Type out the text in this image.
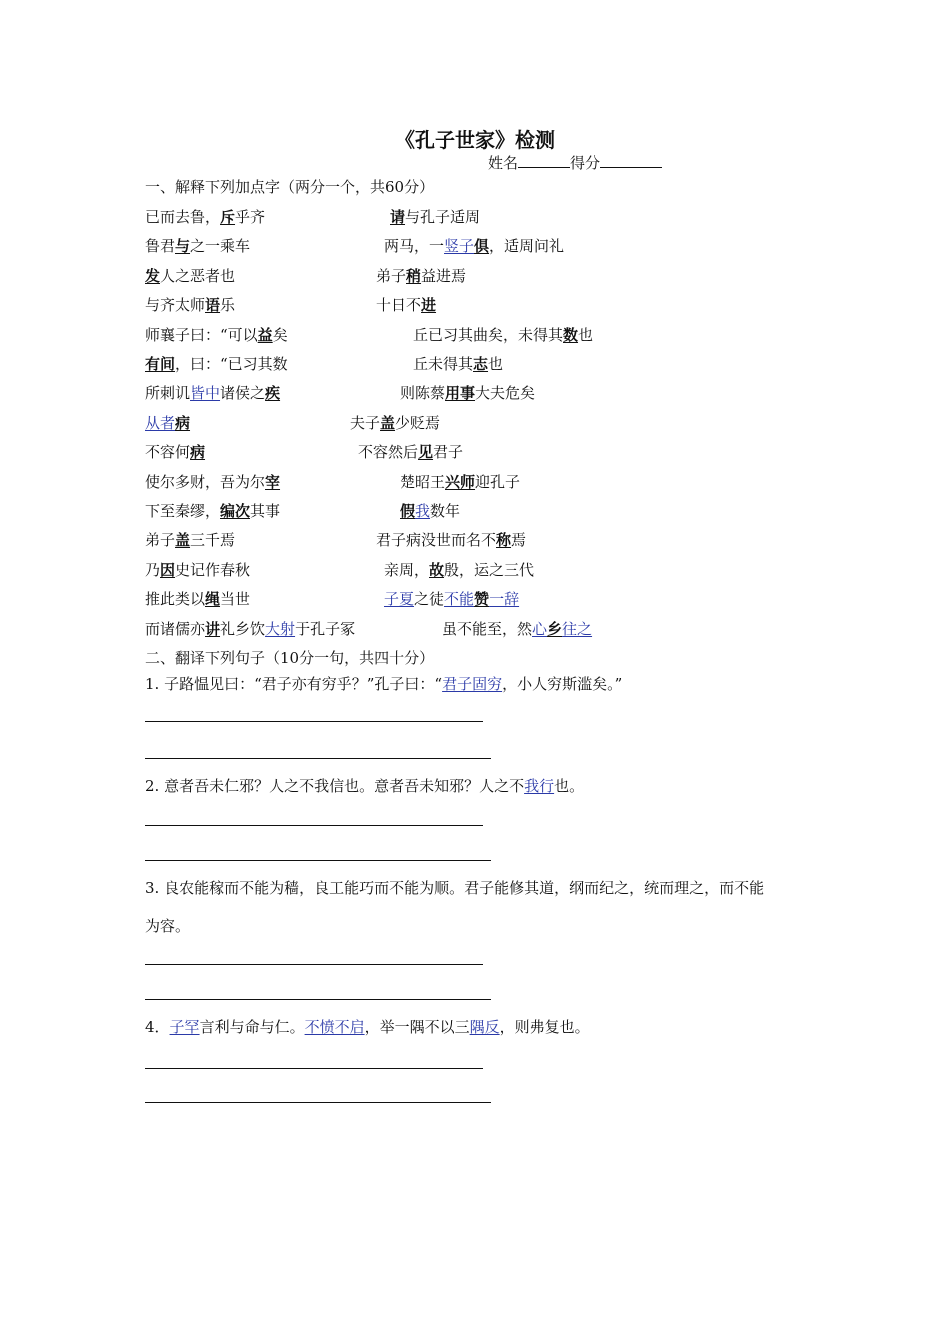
《孔子世家》检测
姓名	得分
一、解释下列加点字（两分一个，共60分）
已而去鲁，斥乎齐	请与孔子适周
鲁君与之一乘车	两马，一竖子俱，适周问礼
发人之恶者也	弟子稍益进焉
与齐太师语乐	十日不进
师襄子曰：“可以益矣	丘已习其曲矣，未得其数也
有间，曰：“已习其数	丘未得其志也
所刺讥皆中诸侯之疾	则陈蔡用事大夫危矣
从者病	夫子盖少贬焉
不容何病	不容然后见君子
使尔多财，吾为尔宰	楚昭王兴师迎孔子
下至秦缪，编次其事	假我数年
弟子盖三千焉	君子病没世而名不称焉
乃因史记作春秋	亲周，故殷，运之三代
推此类以绳当世	子夏之徒不能赞一辞
而诸儒亦讲礼乡饮大射于孔子冢	虽不能至，然心乡往之
二、翻译下列句子（10分一句，共四十分）
1. 子路愠见曰：“君子亦有穷乎？”孔子曰：“君子固穷，小人穷斯滥矣。”
2. 意者吾未仁邪？人之不我信也。意者吾未知邪？人之不我行也。
3. 良农能稼而不能为穑，良工能巧而不能为顺。君子能修其道，纲而纪之，统而理之，而不能
为容。
4．子罕言利与命与仁。不愤不启，举一隅不以三隅反，则弗复也。
